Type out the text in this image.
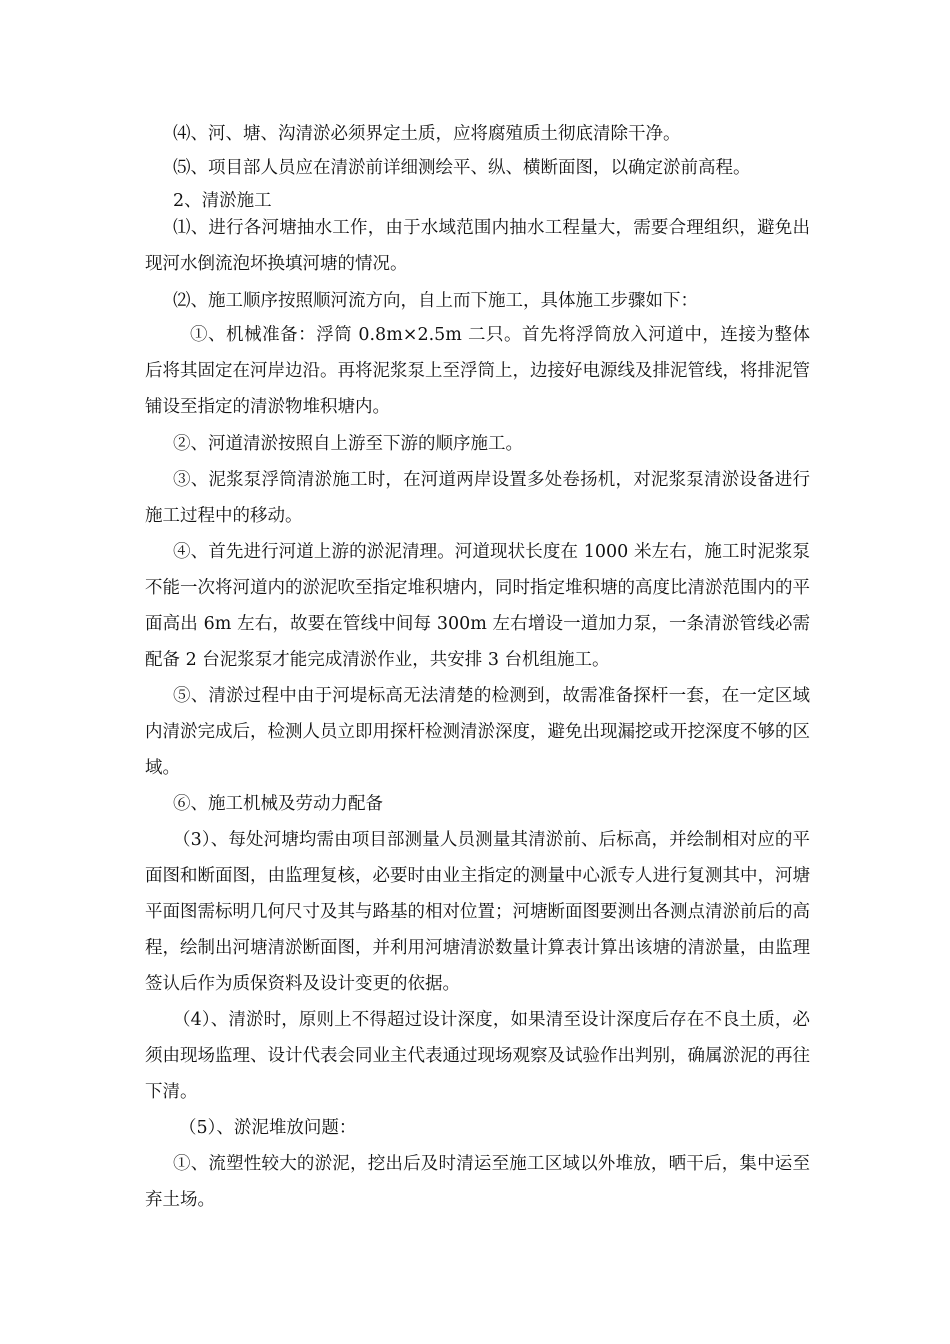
⑷、河、塘、沟清淤必须界定土质，应将腐殖质土彻底清除干净。

⑸、项目部人员应在清淤前详细测绘平、纵、横断面图，以确定淤前高程。

2、清淤施工

⑴、进行各河塘抽水工作，由于水域范围内抽水工程量大，需要合理组织，避免出现河水倒流泡坏换填河塘的情况。

⑵、施工顺序按照顺河流方向，自上而下施工，具体施工步骤如下：

①、机械准备：浮筒 0.8m×2.5m 二只。首先将浮筒放入河道中，连接为整体后将其固定在河岸边沿。再将泥浆泵上至浮筒上，边接好电源线及排泥管线，将排泥管铺设至指定的清淤物堆积塘内。

②、河道清淤按照自上游至下游的顺序施工。

③、泥浆泵浮筒清淤施工时，在河道两岸设置多处卷扬机，对泥浆泵清淤设备进行施工过程中的移动。

④、首先进行河道上游的淤泥清理。河道现状长度在 1000 米左右，施工时泥浆泵不能一次将河道内的淤泥吹至指定堆积塘内，同时指定堆积塘的高度比清淤范围内的平面高出 6m 左右，故要在管线中间每 300m 左右增设一道加力泵，一条清淤管线必需配备 2 台泥浆泵才能完成清淤作业，共安排 3 台机组施工。

⑤、清淤过程中由于河堤标高无法清楚的检测到，故需准备探杆一套，在一定区域内清淤完成后，检测人员立即用探杆检测清淤深度，避免出现漏挖或开挖深度不够的区域。

⑥、施工机械及劳动力配备

（3）、每处河塘均需由项目部测量人员测量其清淤前、后标高，并绘制相对应的平面图和断面图，由监理复核，必要时由业主指定的测量中心派专人进行复测其中，河塘平面图需标明几何尺寸及其与路基的相对位置；河塘断面图要测出各测点清淤前后的高程，绘制出河塘清淤断面图，并利用河塘清淤数量计算表计算出该塘的清淤量，由监理签认后作为质保资料及设计变更的依据。

（4）、清淤时，原则上不得超过设计深度，如果清至设计深度后存在不良土质，必须由现场监理、设计代表会同业主代表通过现场观察及试验作出判别，确属淤泥的再往下清。

（5）、淤泥堆放问题：

①、流塑性较大的淤泥，挖出后及时清运至施工区域以外堆放，晒干后，集中运至弃土场。
